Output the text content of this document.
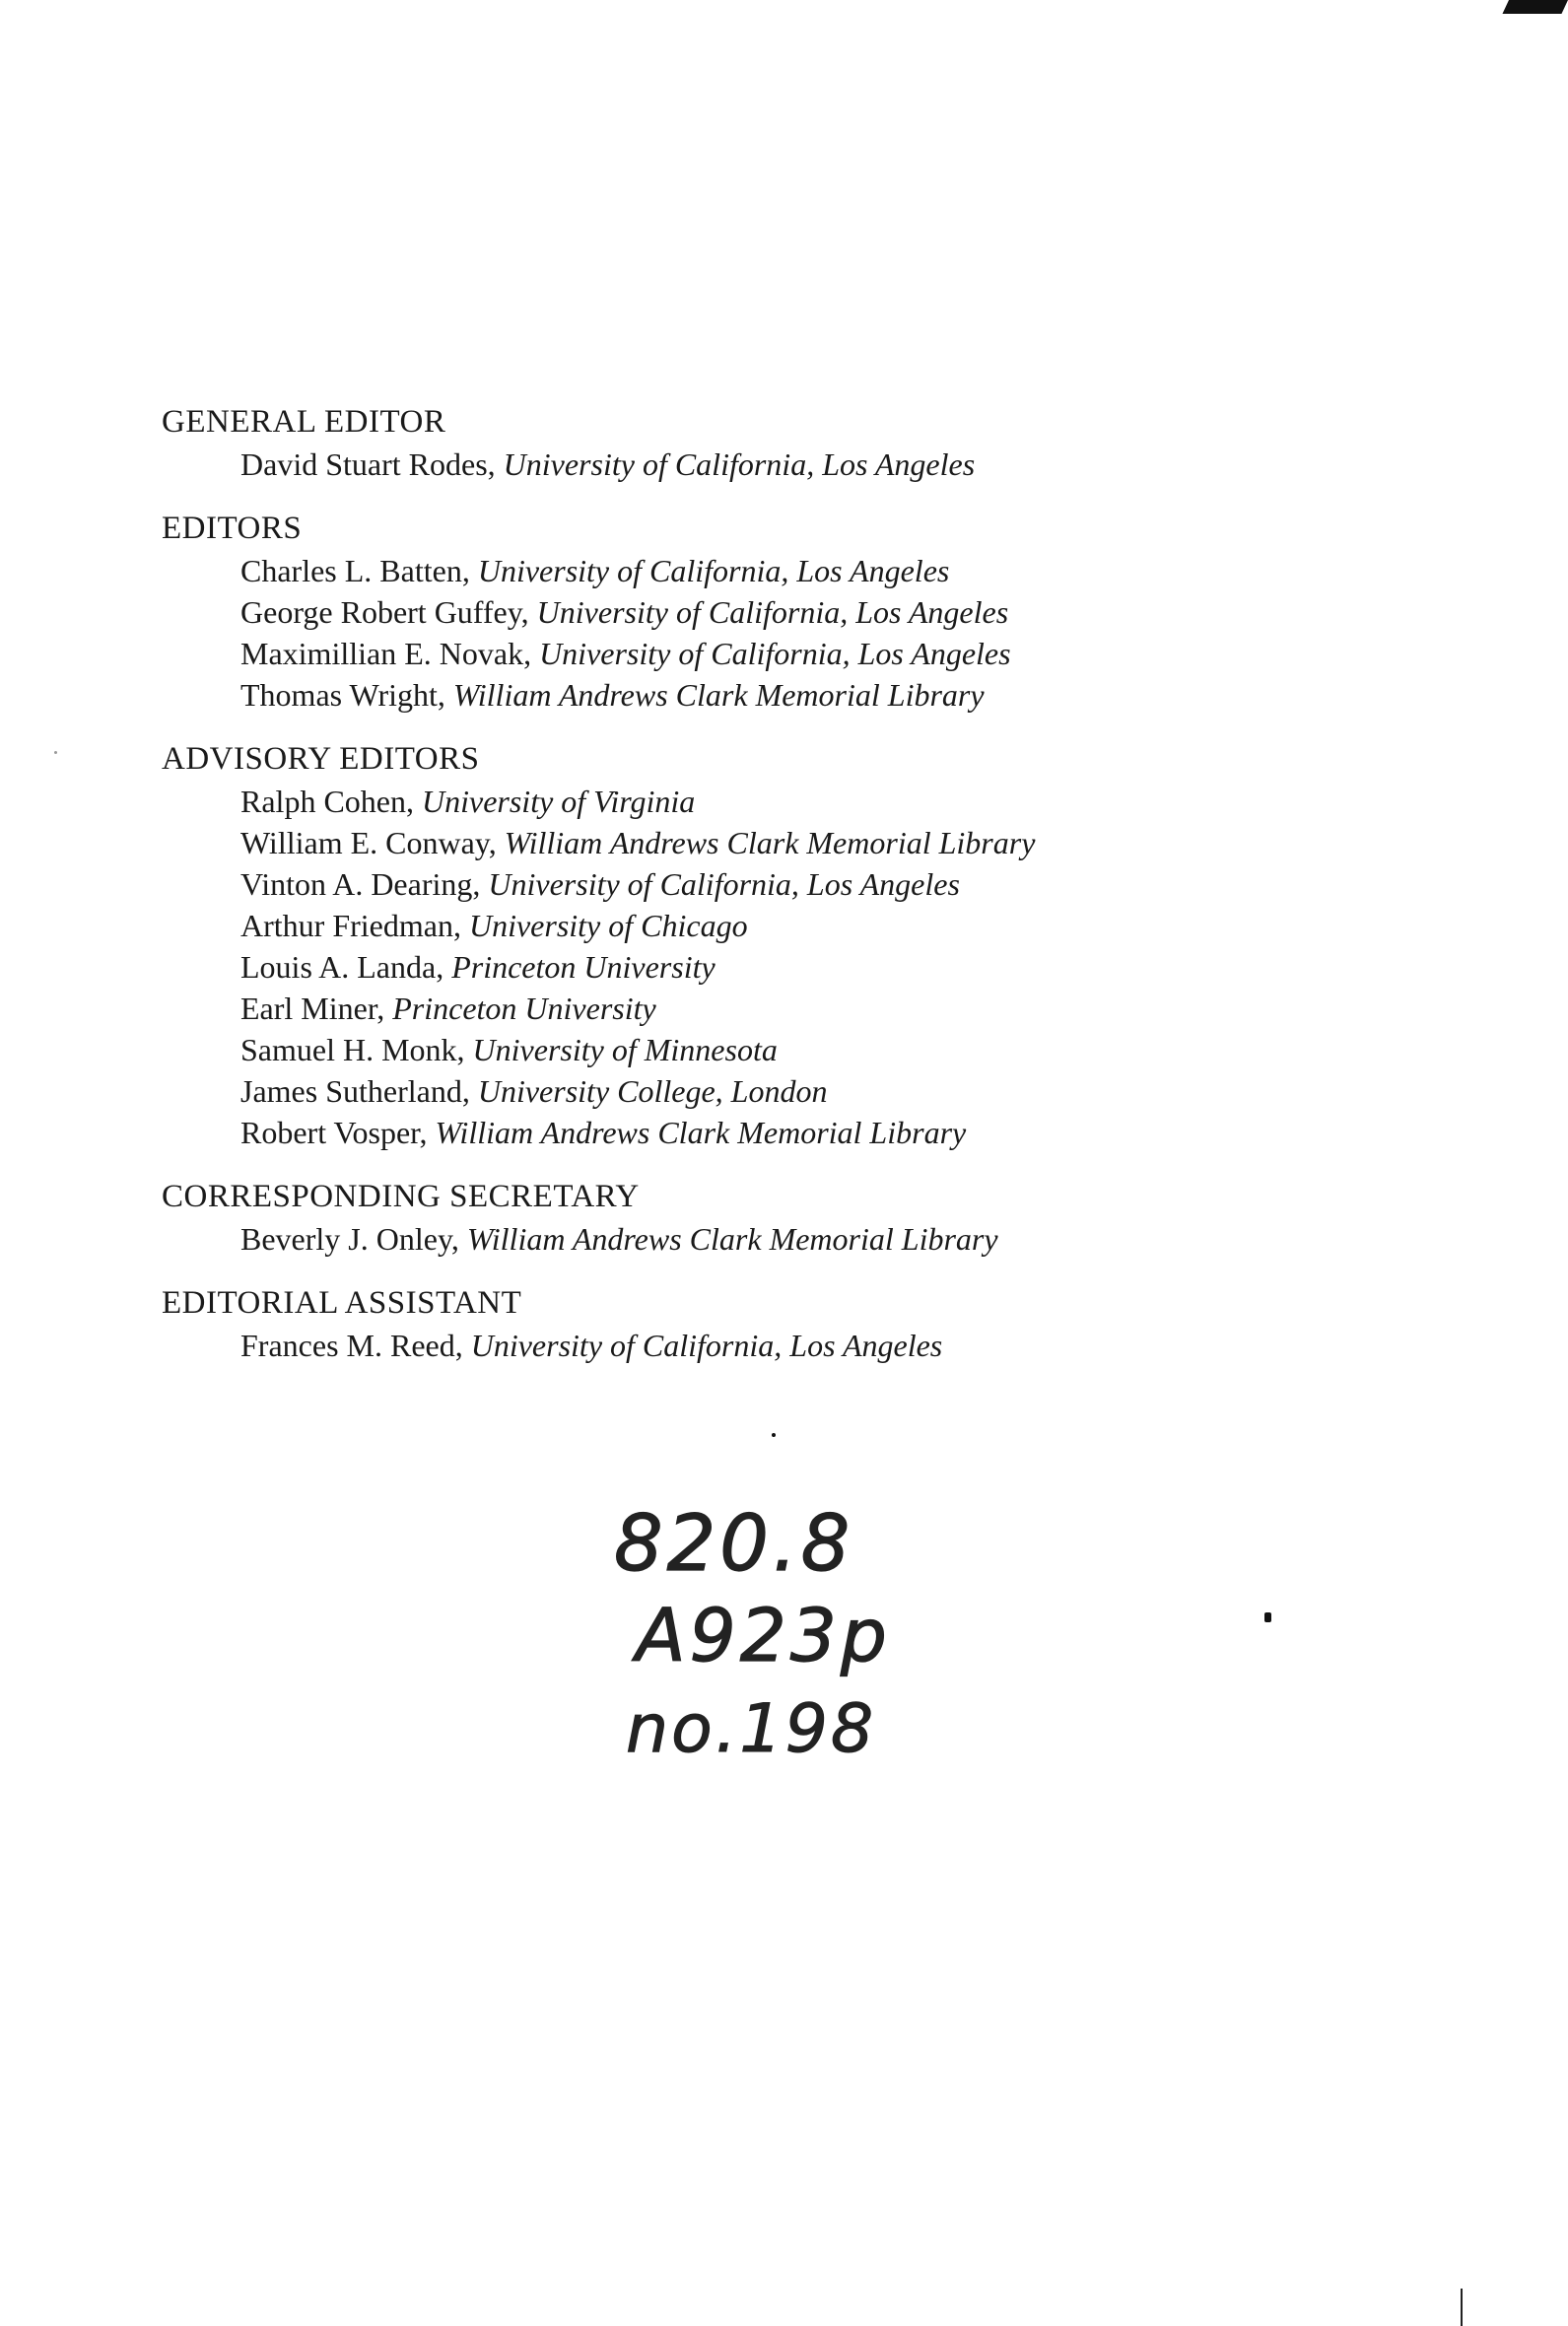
GENERAL EDITOR
David Stuart Rodes, University of California, Los Angeles
EDITORS
Charles L. Batten, University of California, Los Angeles
George Robert Guffey, University of California, Los Angeles
Maximillian E. Novak, University of California, Los Angeles
Thomas Wright, William Andrews Clark Memorial Library
ADVISORY EDITORS
Ralph Cohen, University of Virginia
William E. Conway, William Andrews Clark Memorial Library
Vinton A. Dearing, University of California, Los Angeles
Arthur Friedman, University of Chicago
Louis A. Landa, Princeton University
Earl Miner, Princeton University
Samuel H. Monk, University of Minnesota
James Sutherland, University College, London
Robert Vosper, William Andrews Clark Memorial Library
CORRESPONDING SECRETARY
Beverly J. Onley, William Andrews Clark Memorial Library
EDITORIAL ASSISTANT
Frances M. Reed, University of California, Los Angeles
820.8
A923p
no.198
